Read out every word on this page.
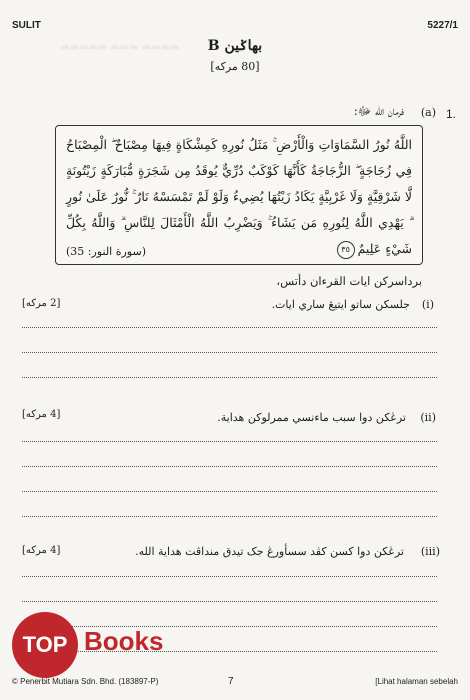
SULIT	5227/1
▬▬▬▬▬ ▬▬▬ ▬▬▬▬	بهاݢين B
[80 مركه]
1.
(a)
فرمان الله ﷻ:
اللَّهُ نُورُ السَّمَاوَاتِ وَالْأَرْضِ ۚ مَثَلُ نُورِهِ كَمِشْكَاةٍ فِيهَا مِصْبَاحٌ ۖ الْمِصْبَاحُ فِي زُجَاجَةٍ ۖ الزُّجَاجَةُ كَأَنَّهَا كَوْكَبٌ دُرِّيٌّ يُوقَدُ مِن شَجَرَةٍ مُّبَارَكَةٍ زَيْتُونَةٍ لَّا شَرْقِيَّةٍ وَلَا غَرْبِيَّةٍ يَكَادُ زَيْتُهَا يُضِيءُ وَلَوْ لَمْ تَمْسَسْهُ نَارٌ ۚ نُّورٌ عَلَىٰ نُورٍ ۗ يَهْدِي اللَّهُ لِنُورِهِ مَن يَشَاءُ ۚ وَيَضْرِبُ اللَّهُ الْأَمْثَالَ لِلنَّاسِ ۗ وَاللَّهُ بِكُلِّ شَيْءٍ عَلِيمٌ٣٥
(سورة النور: 35)
برداسركن ايات القرءان دأتس،
[2 مركه]	جلسكن ساتو ايتيڠ ساري ايات. (i)
[4 مركه]	ترڠكن دوا سبب ماءنسي ممرلوكن هداية. (ii)
[4 مركه]	ترڠكن دوا كسن كڤد سسأورڠ جک تيدق منداڤت هداية الله. (iii)
TOP Books
© Penerbit Mutiara Sdn. Bhd. (183897-P)	7	[Lihat halaman sebelah
